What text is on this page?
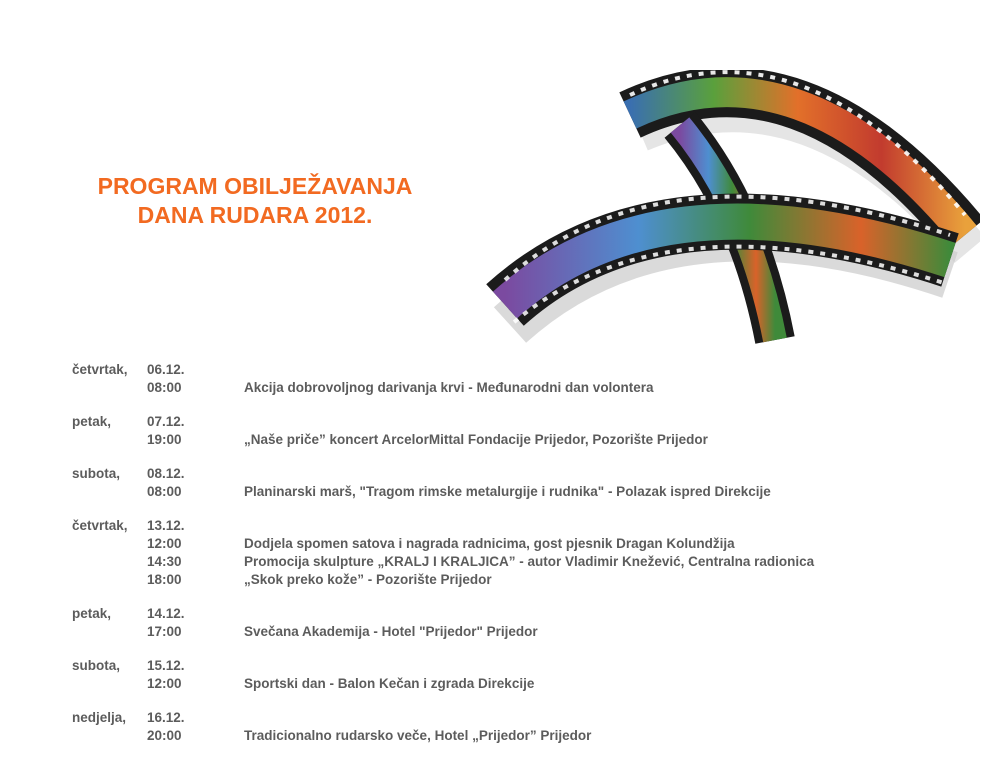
PROGRAM OBILJEŽAVANJA
DANA RUDARA 2012.
četvrtak, 06.12.
08:00	Akcija dobrovoljnog darivanja krvi - Međunarodni dan volontera
petak,	07.12.
19:00	„Naše priče” koncert ArcelorMittal Fondacije Prijedor, Pozorište Prijedor
subota, 08.12.
08:00	Planinarski marš, "Tragom rimske metalurgije i rudnika" - Polazak ispred Direkcije
četvrtak, 13.12.
12:00	Dodjela spomen satova i nagrada radnicima, gost pjesnik Dragan Kolundžija
14:30	Promocija skulpture „KRALJ I KRALJICA” - autor Vladimir Knežević, Centralna radionica
18:00	„Skok preko kože” - Pozorište Prijedor
petak,	14.12.
17:00	Svečana Akademija - Hotel "Prijedor" Prijedor
subota, 15.12.
12:00	Sportski dan - Balon Kečan i zgrada Direkcije
nedjelja, 16.12.
20:00	Tradicionalno rudarsko veče, Hotel „Prijedor” Prijedor
